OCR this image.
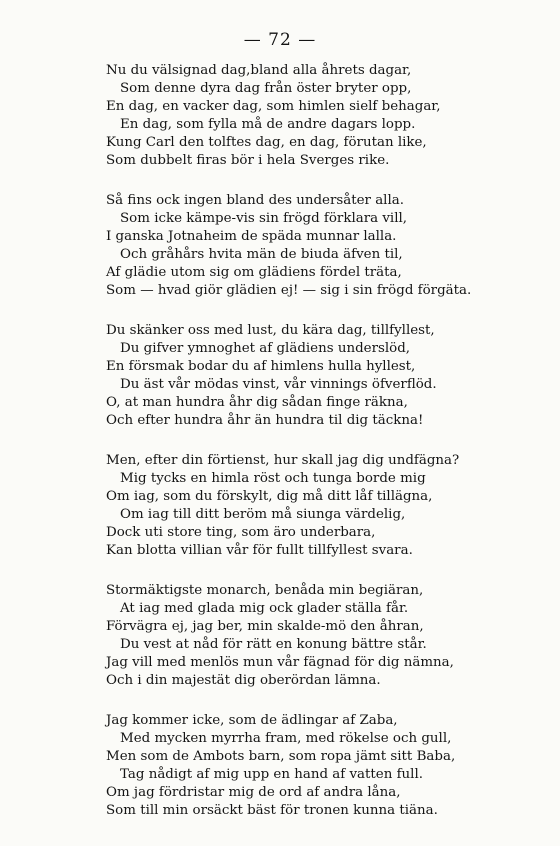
— 72 —
Nu du välsignad dag,bland alla åhrets dagar,
Som denne dyra dag från öster bryter opp,
En dag, en vacker dag, som himlen sielf behagar,
En dag, som fylla må de andre dagars lopp.
Kung Carl den tolftes dag, en dag, förutan like,
Som dubbelt firas bör i hela Sverges rike.
Så fins ock ingen bland des undersåter alla.
Som icke kämpe-vis sin frögd förklara vill,
I ganska Jotnaheim de späda munnar lalla.
Och gråhårs hvita män de biuda äfven til,
Af glädie utom sig om glädiens fördel träta,
Som — hvad giör glädien ej! — sig i sin frögd förgäta.
Du skänker oss med lust, du kära dag, tillfyllest,
Du gifver ymnoghet af glädiens underslöd,
En försmak bodar du af himlens hulla hyllest,
Du äst vår mödas vinst, vår vinnings öfverflöd.
O, at man hundra åhr dig sådan finge räkna,
Och efter hundra åhr än hundra til dig täckna!
Men, efter din förtienst, hur skall jag dig undfägna?
Mig tycks en himla röst och tunga borde mig
Om iag, som du förskylt, dig må ditt låf tillägna,
Om iag till ditt beröm må siunga värdelig,
Dock uti store ting, som äro underbara,
Kan blotta villian vår för fullt tillfyllest svara.
Stormäktigste monarch, benåda min begiäran,
At iag med glada mig ock glader ställa får.
Förvägra ej, jag ber, min skalde-mö den åhran,
Du vest at nåd för rätt en konung bättre står.
Jag vill med menlös mun vår fägnad för dig nämna,
Och i din majestät dig oberördan lämna.
Jag kommer icke, som de ädlingar af Zaba,
Med mycken myrrha fram, med rökelse och gull,
Men som de Ambots barn, som ropa jämt sitt Baba,
Tag nådigt af mig upp en hand af vatten full.
Om jag fördristar mig de ord af andra låna,
Som till min orsäckt bäst för tronen kunna tiäna.
